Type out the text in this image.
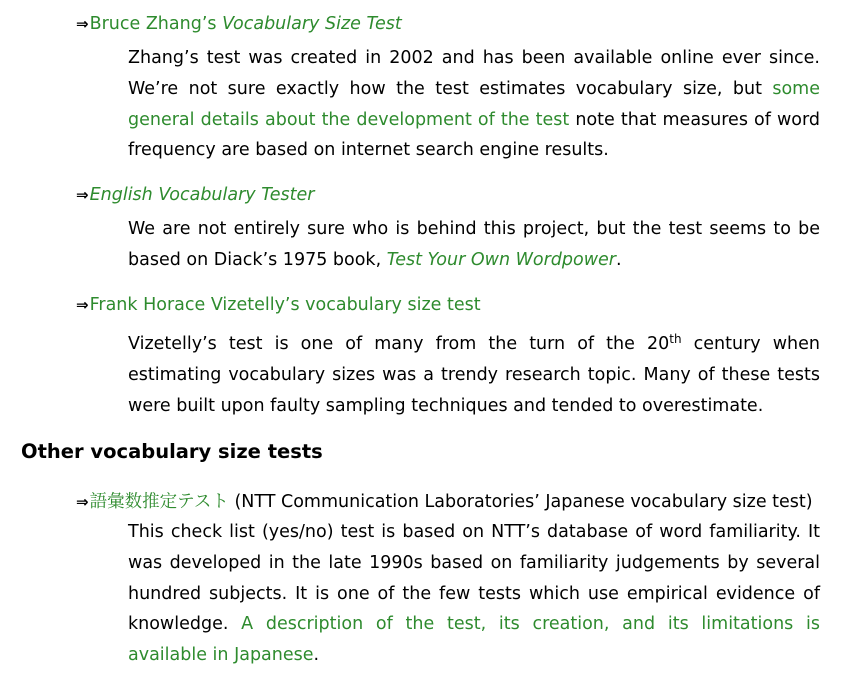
⇒Bruce Zhang’s Vocabulary Size Test
Zhang’s test was created in 2002 and has been available online ever since. We’re not sure exactly how the test estimates vocabulary size, but some general details about the development of the test note that measures of word frequency are based on internet search engine results.
⇒English Vocabulary Tester
We are not entirely sure who is behind this project, but the test seems to be based on Diack’s 1975 book, Test Your Own Wordpower.
⇒Frank Horace Vizetelly’s vocabulary size test
Vizetelly’s test is one of many from the turn of the 20th century when estimating vocabulary sizes was a trendy research topic. Many of these tests were built upon faulty sampling techniques and tended to overestimate.
Other vocabulary size tests
⇒語彙数推定テスト (NTT Communication Laboratories’ Japanese vocabulary size test)
This check list (yes/no) test is based on NTT’s database of word familiarity. It was developed in the late 1990s based on familiarity judgements by several hundred subjects. It is one of the few tests which use empirical evidence of knowledge. A description of the test, its creation, and its limitations is available in Japanese.
